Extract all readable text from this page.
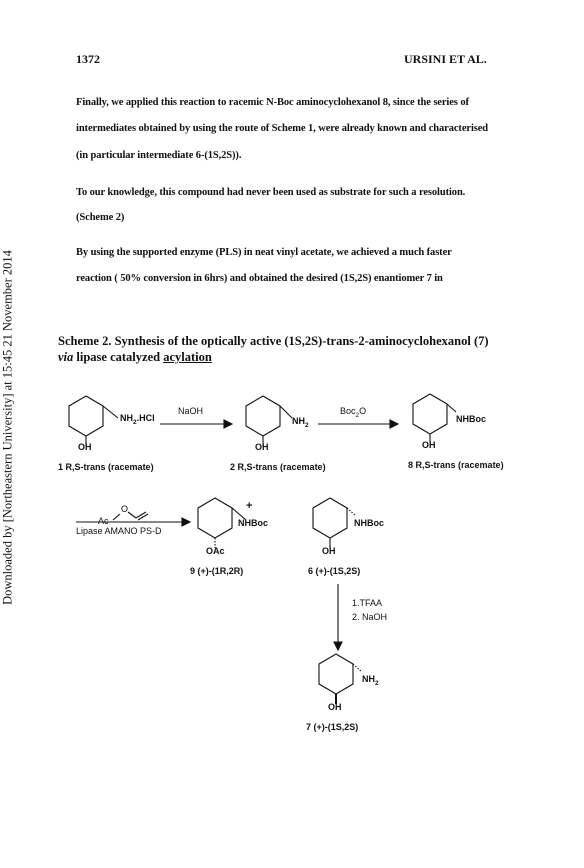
Downloaded by [Northeastern University] at 15:45 21 November 2014
1372	URSINI ET AL.
Finally, we applied this reaction to racemic N-Boc aminocyclohexanol 8, since the series of
intermediates obtained by using the route of Scheme 1, were already known and characterised
(in particular intermediate 6-(1S,2S)).
To our knowledge, this compound had never been used as substrate for such a resolution.
(Scheme 2)
By using the supported enzyme (PLS) in neat vinyl acetate, we achieved a much faster
reaction ( 50% conversion in 6hrs) and obtained the desired (1S,2S) enantiomer 7 in
Scheme 2. Synthesis of the optically active (1S,2S)-trans-2-aminocyclohexanol (7)
via lipase catalyzed acylation
$NH_2.HCl$
OH
1 R,S-trans (racemate)
NaOH
$NH_2$
OH
2 R,S-trans (racemate)
Boc$_2$O
NHBoc
OH
8 R,S-trans (racemate)
Ac
O
Lipase AMANO PS-D
+
NHBoc
OAc
9 (+)-(1R,2R)
NHBoc
OH
6 (+)-(1S,2S)
1.TFAA
2. NaOH
$NH_2$
OH
7 (+)-(1S,2S)
